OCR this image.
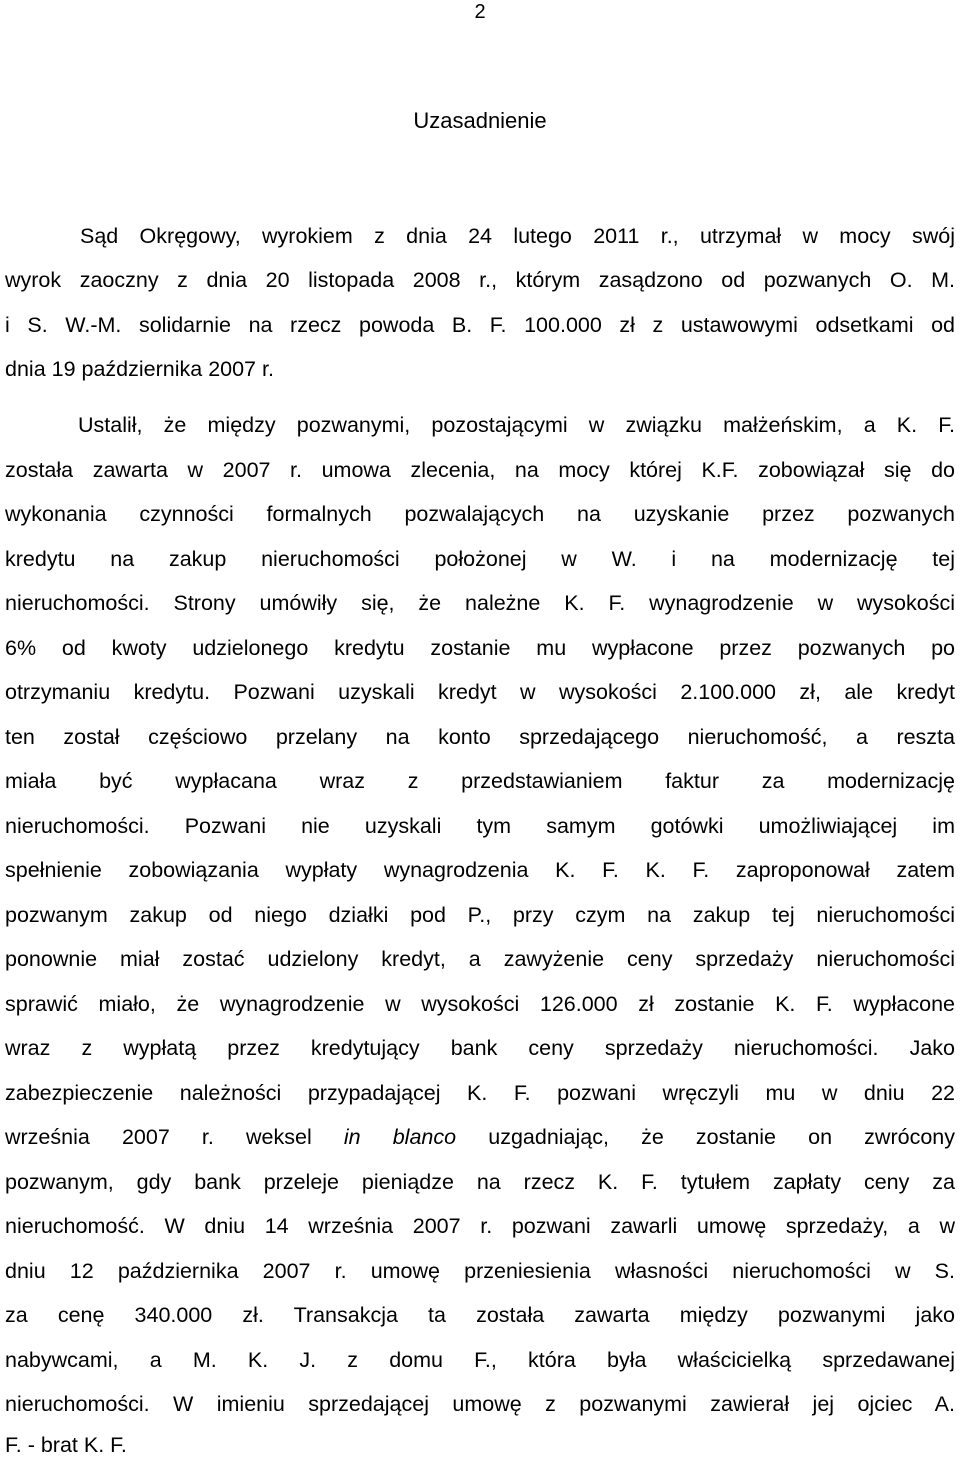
2
Uzasadnienie
Sąd Okręgowy, wyrokiem z dnia 24 lutego 2011 r., utrzymał w mocy swój
wyrok zaoczny z dnia 20 listopada 2008 r., którym zasądzono od pozwanych O. M.
i S. W.-M. solidarnie na rzecz powoda B. F. 100.000 zł z ustawowymi odsetkami od
dnia 19 października 2007 r.
Ustalił, że między pozwanymi, pozostającymi w związku małżeńskim, a K. F.
została zawarta w 2007 r. umowa zlecenia, na mocy której K.F. zobowiązał się do
wykonania czynności formalnych pozwalających na uzyskanie przez pozwanych
kredytu na zakup nieruchomości położonej w W. i na modernizację tej
nieruchomości. Strony umówiły się, że należne K. F. wynagrodzenie w wysokości
6% od kwoty udzielonego kredytu zostanie mu wypłacone przez pozwanych po
otrzymaniu kredytu. Pozwani uzyskali kredyt w wysokości 2.100.000 zł, ale kredyt
ten został częściowo przelany na konto sprzedającego nieruchomość, a reszta
miała być wypłacana wraz z przedstawianiem faktur za modernizację
nieruchomości. Pozwani nie uzyskali tym samym gotówki umożliwiającej im
spełnienie zobowiązania wypłaty wynagrodzenia K. F. K. F. zaproponował zatem
pozwanym zakup od niego działki pod P., przy czym na zakup tej nieruchomości
ponownie miał zostać udzielony kredyt, a zawyżenie ceny sprzedaży nieruchomości
sprawić miało, że wynagrodzenie w wysokości 126.000 zł zostanie K. F. wypłacone
wraz z wypłatą przez kredytujący bank ceny sprzedaży nieruchomości. Jako
zabezpieczenie należności przypadającej K. F. pozwani wręczyli mu w dniu 22
września 2007 r. weksel in blanco uzgadniając, że zostanie on zwrócony
pozwanym, gdy bank przeleje pieniądze na rzecz K. F. tytułem zapłaty ceny za
nieruchomość. W dniu 14 września 2007 r. pozwani zawarli umowę sprzedaży, a w
dniu 12 października 2007 r. umowę przeniesienia własności nieruchomości w S.
za cenę 340.000 zł. Transakcja ta została zawarta między pozwanymi jako
nabywcami, a M. K. J. z domu F., która była właścicielką sprzedawanej
nieruchomości. W imieniu sprzedającej umowę z pozwanymi zawierał jej ojciec A.
F. - brat K. F.
